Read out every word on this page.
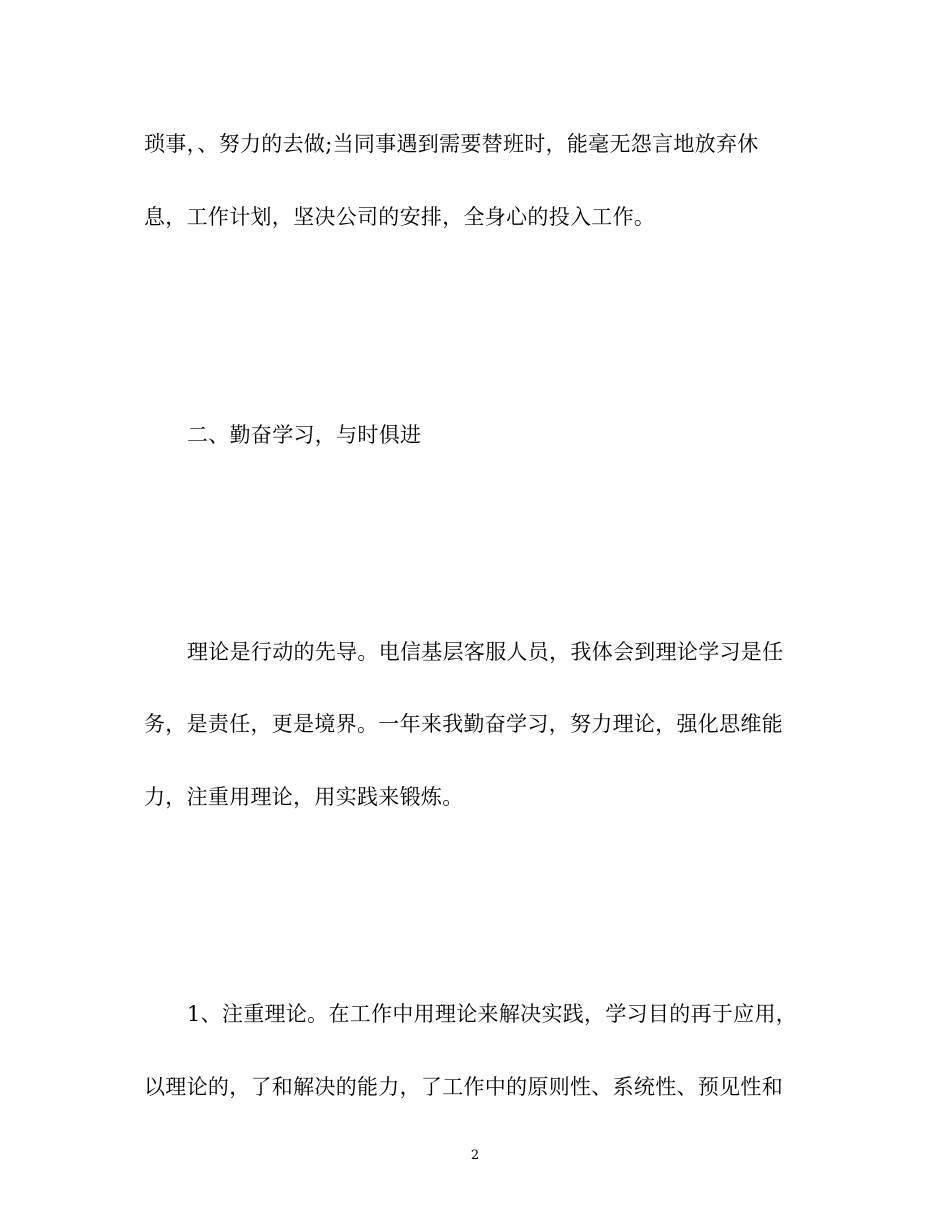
琐事，、努力的去做;当同事遇到需要替班时，能毫无怨言地放弃休
息，工作计划，坚决公司的安排，全身心的投入工作。
二、勤奋学习，与时俱进
理论是行动的先导。电信基层客服人员，我体会到理论学习是任
务，是责任，更是境界。一年来我勤奋学习，努力理论，强化思维能
力，注重用理论，用实践来锻炼。
1、注重理论。在工作中用理论来解决实践，学习目的再于应用，
以理论的，了和解决的能力，了工作中的原则性、系统性、预见性和
2
